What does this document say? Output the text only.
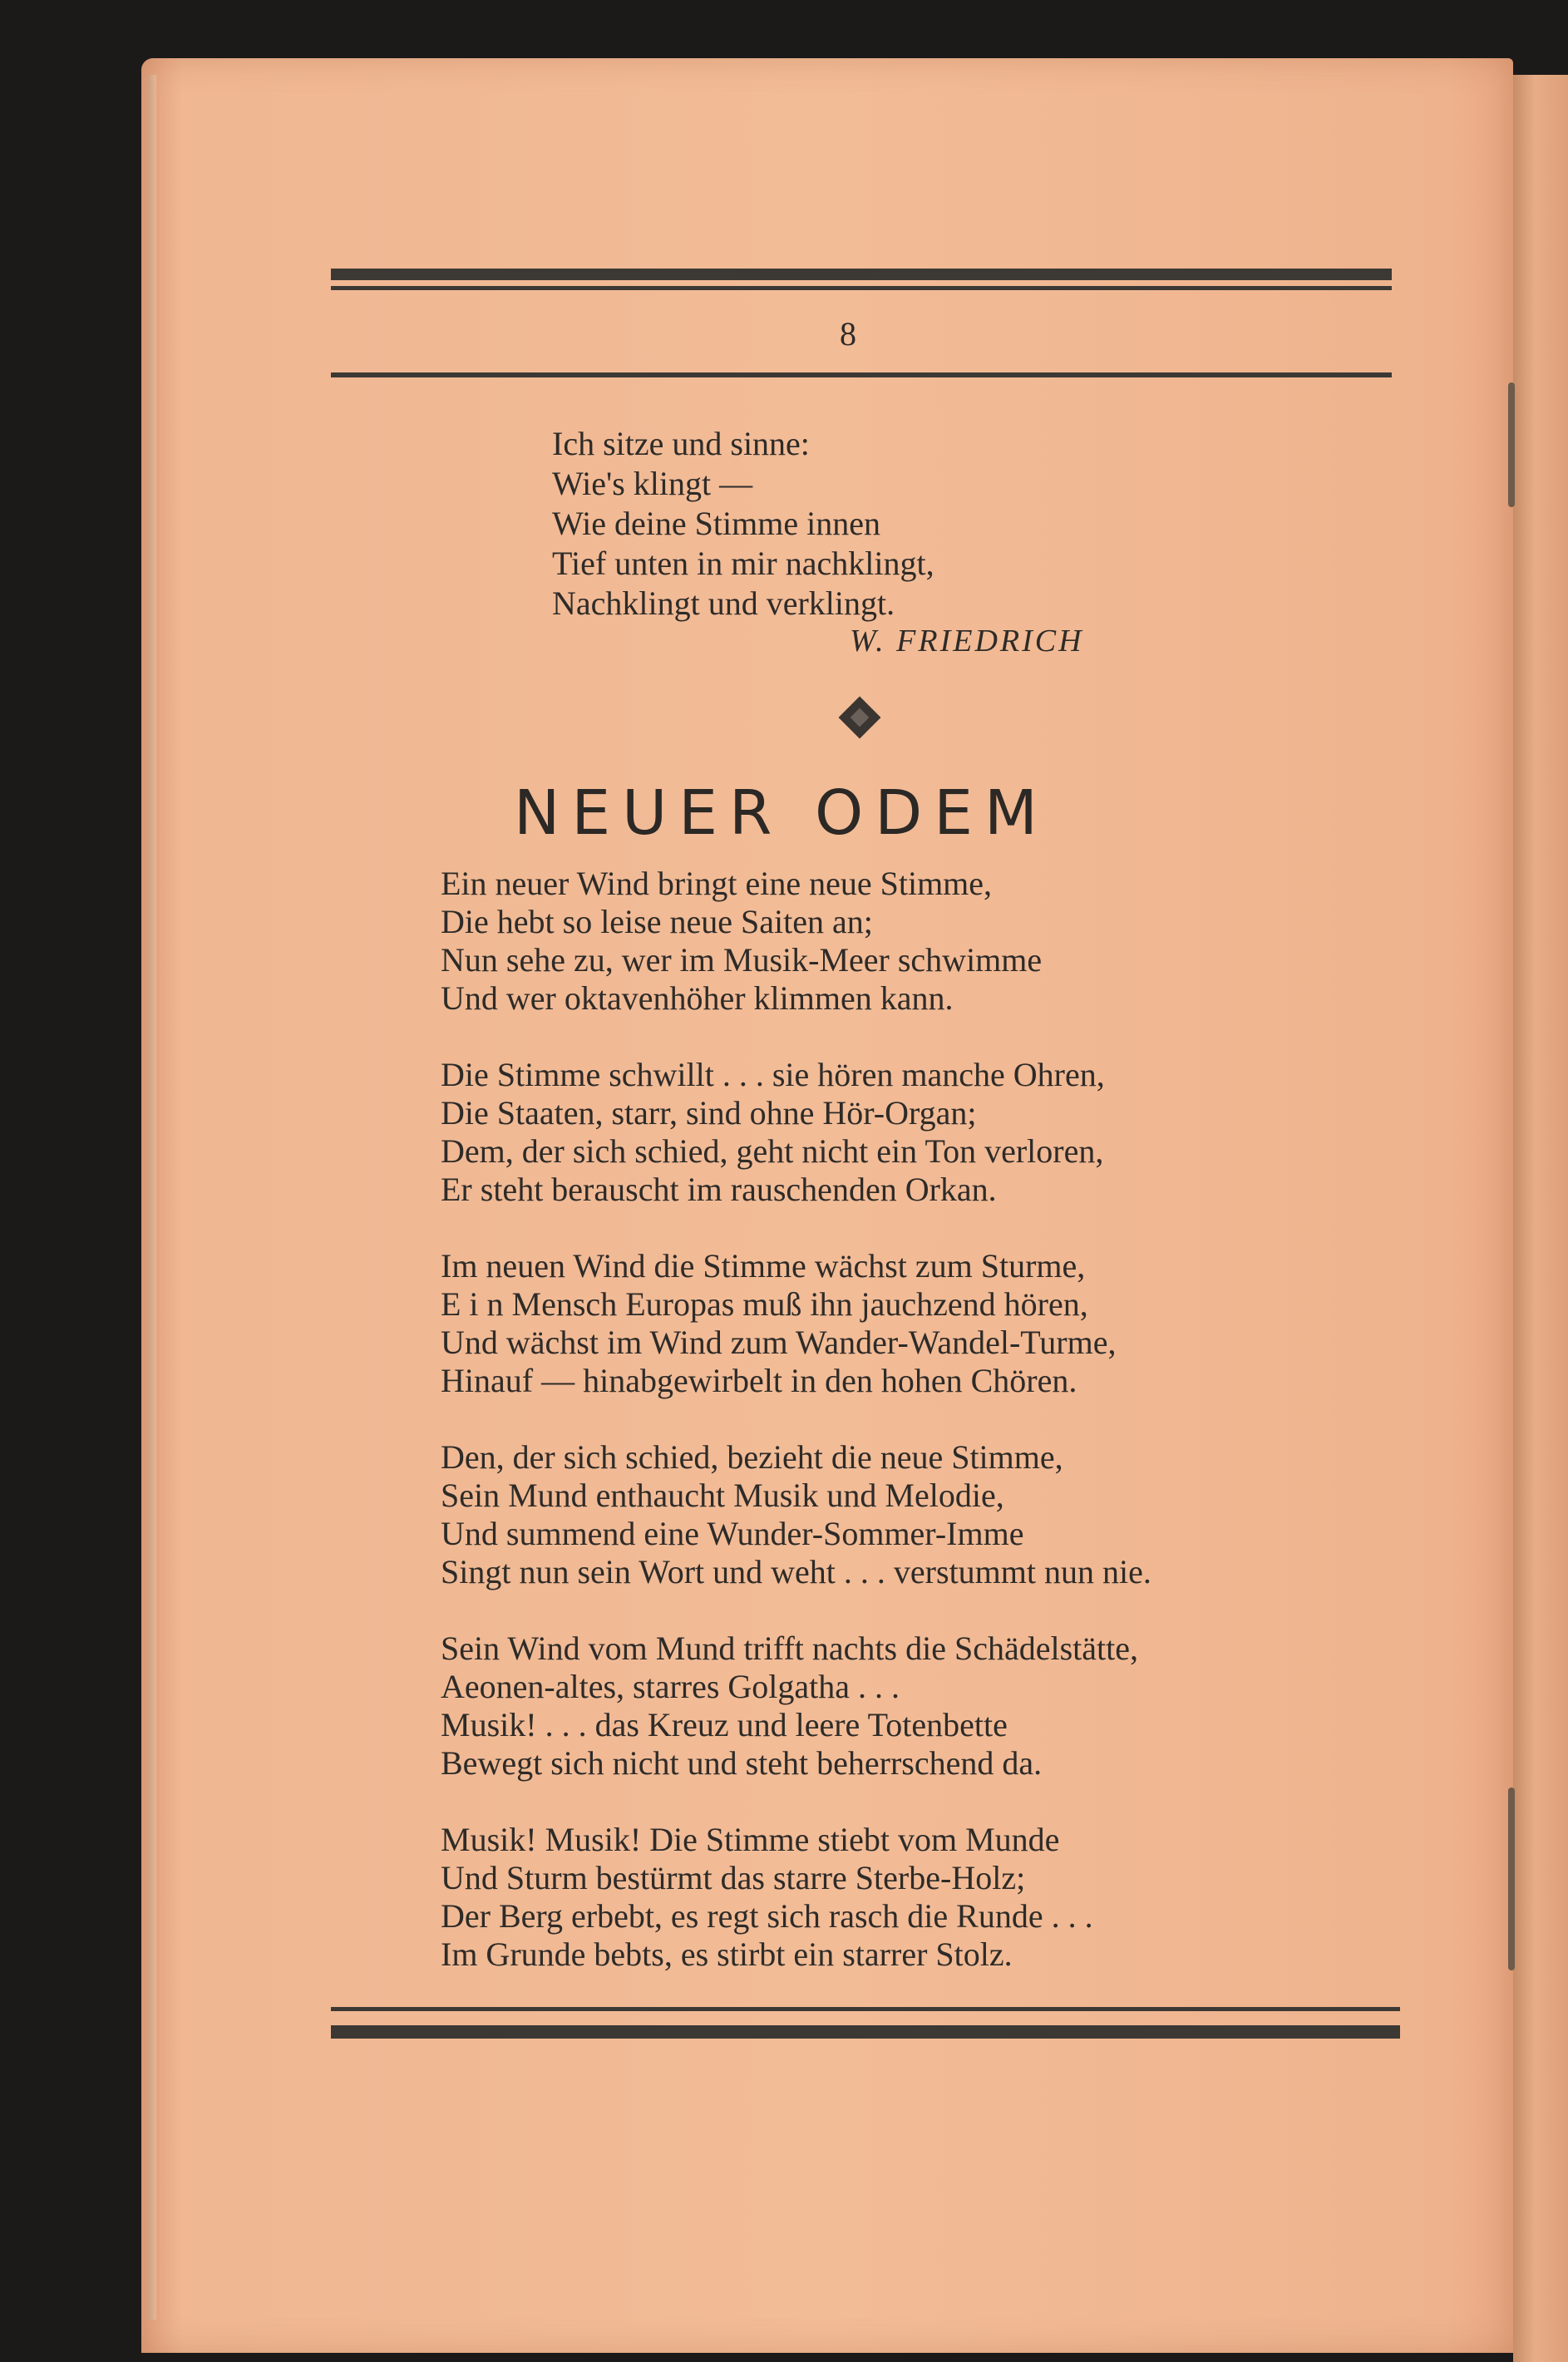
8
Ich sitze und sinne:
Wie's klingt —
Wie deine Stimme innen
Tief unten in mir nachklingt,
Nachklingt und verklingt.
W. FRIEDRICH
NEUER ODEM
Ein neuer Wind bringt eine neue Stimme,
Die hebt so leise neue Saiten an;
Nun sehe zu, wer im Musik-Meer schwimme
Und wer oktavenhöher klimmen kann.
Die Stimme schwillt . . . sie hören manche Ohren,
Die Staaten, starr, sind ohne Hör-Organ;
Dem, der sich schied, geht nicht ein Ton verloren,
Er steht berauscht im rauschenden Orkan.
Im neuen Wind die Stimme wächst zum Sturme,
E i n Mensch Europas muß ihn jauchzend hören,
Und wächst im Wind zum Wander-Wandel-Turme,
Hinauf — hinabgewirbelt in den hohen Chören.
Den, der sich schied, bezieht die neue Stimme,
Sein Mund enthaucht Musik und Melodie,
Und summend eine Wunder-Sommer-Imme
Singt nun sein Wort und weht . . . verstummt nun nie.
Sein Wind vom Mund trifft nachts die Schädelstätte,
Aeonen-altes, starres Golgatha . . .
Musik! . . . das Kreuz und leere Totenbette
Bewegt sich nicht und steht beherrschend da.
Musik! Musik! Die Stimme stiebt vom Munde
Und Sturm bestürmt das starre Sterbe-Holz;
Der Berg erbebt, es regt sich rasch die Runde . . .
Im Grunde bebts, es stirbt ein starrer Stolz.
